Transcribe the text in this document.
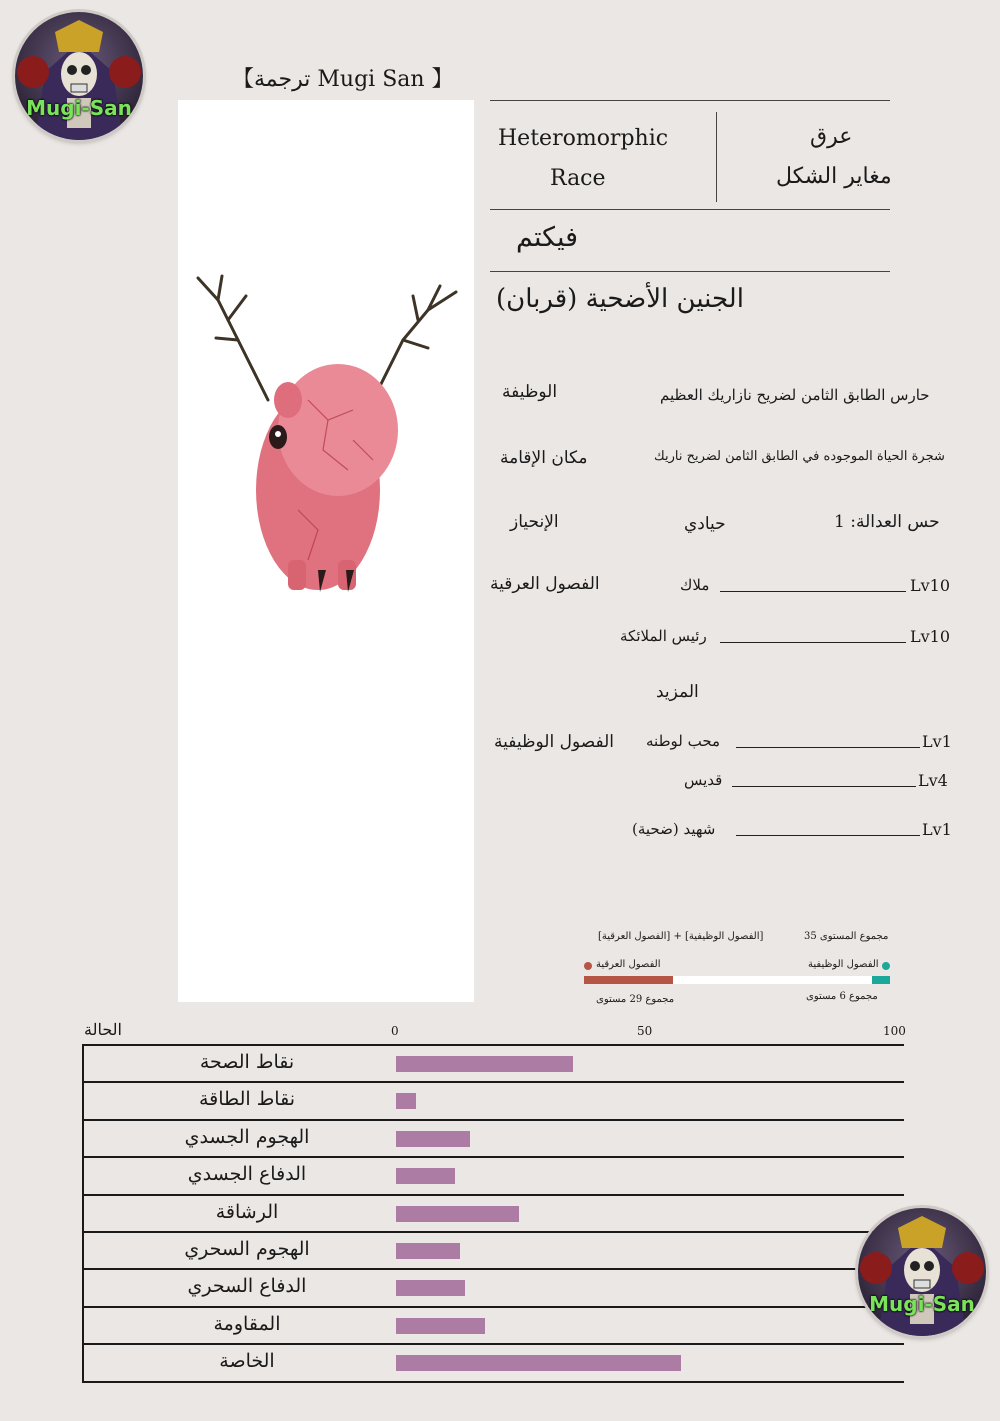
Mugi-San
【ترجمة Mugi San 】
Heteromorphic
Race
عرق
مغاير الشكل
فيكتم
الجنين الأضحية (قربان)
الوظيفة	حارس الطابق الثامن لضريح نازاريك العظيم
مكان الإقامة	شجرة الحياة الموجوده في الطابق الثامن لضريح ناريك
الإنحياز	حيادي	حس العدالة: 1
الفصول العرقية	ملاك	Lv10
رئيس الملائكة	Lv10
المزيد
الفصول الوظيفية محب لوطنه	Lv1
قديس	Lv4
شهيد (ضحية)	Lv1
مجموع المستوى 35
[الفصول الوظيفية] + [الفصول العرقية]
الفصول الوظيفية
الفصول العرقية
مجموع 6 مستوى
مجموع 29 مستوى
الحالة	0	50	100
نقاط الصحة
نقاط الطاقة
الهجوم الجسدي
الدفاع الجسدي
الرشاقة
الهجوم السحري
الدفاع السحري
المقاومة
الخاصة
Mugi-San
